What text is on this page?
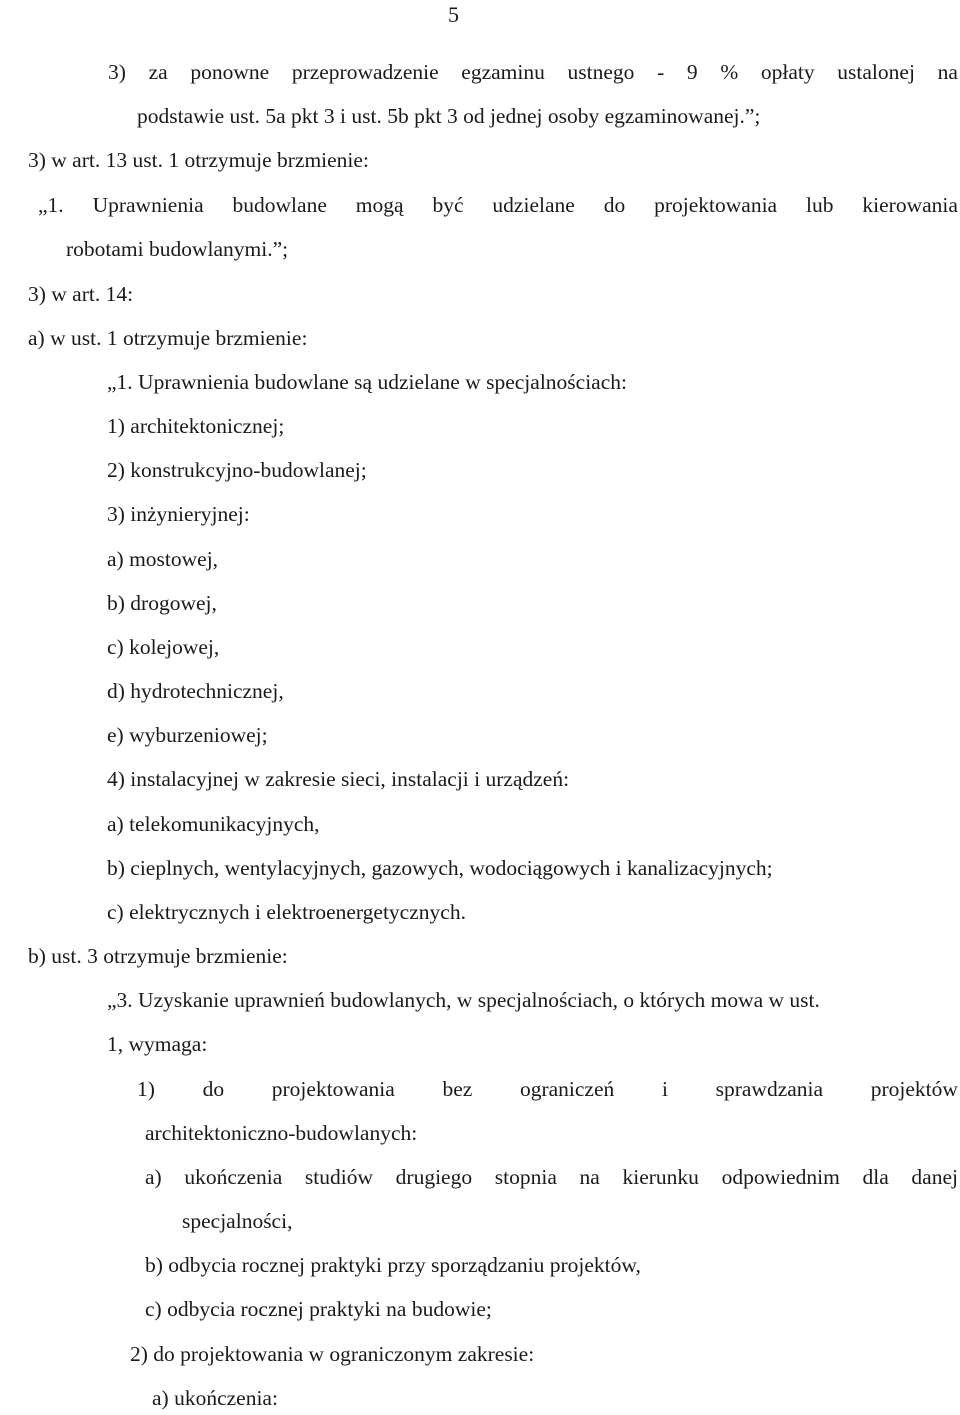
5
3) za ponowne przeprowadzenie egzaminu ustnego - 9 % opłaty ustalonej na
podstawie ust. 5a pkt 3 i ust. 5b pkt 3 od jednej osoby egzaminowanej.”;
3) w art. 13 ust. 1 otrzymuje brzmienie:
„1. Uprawnienia budowlane mogą być udzielane do projektowania lub kierowania
robotami budowlanymi.”;
3) w art. 14:
a) w ust. 1 otrzymuje brzmienie:
„1. Uprawnienia budowlane są udzielane w specjalnościach:
1) architektonicznej;
2) konstrukcyjno-budowlanej;
3) inżynieryjnej:
a) mostowej,
b) drogowej,
c) kolejowej,
d) hydrotechnicznej,
e) wyburzeniowej;
4) instalacyjnej w zakresie sieci, instalacji i urządzeń:
a) telekomunikacyjnych,
b) cieplnych, wentylacyjnych, gazowych, wodociągowych i kanalizacyjnych;
c) elektrycznych i elektroenergetycznych.
b) ust. 3 otrzymuje brzmienie:
„3. Uzyskanie uprawnień budowlanych, w specjalnościach, o których mowa w ust.
1, wymaga:
1) do projektowania bez ograniczeń i sprawdzania projektów
architektoniczno-budowlanych:
a) ukończenia studiów drugiego stopnia na kierunku odpowiednim dla danej
specjalności,
b) odbycia rocznej praktyki przy sporządzaniu projektów,
c) odbycia rocznej praktyki na budowie;
2) do projektowania w ograniczonym zakresie:
a) ukończenia:
